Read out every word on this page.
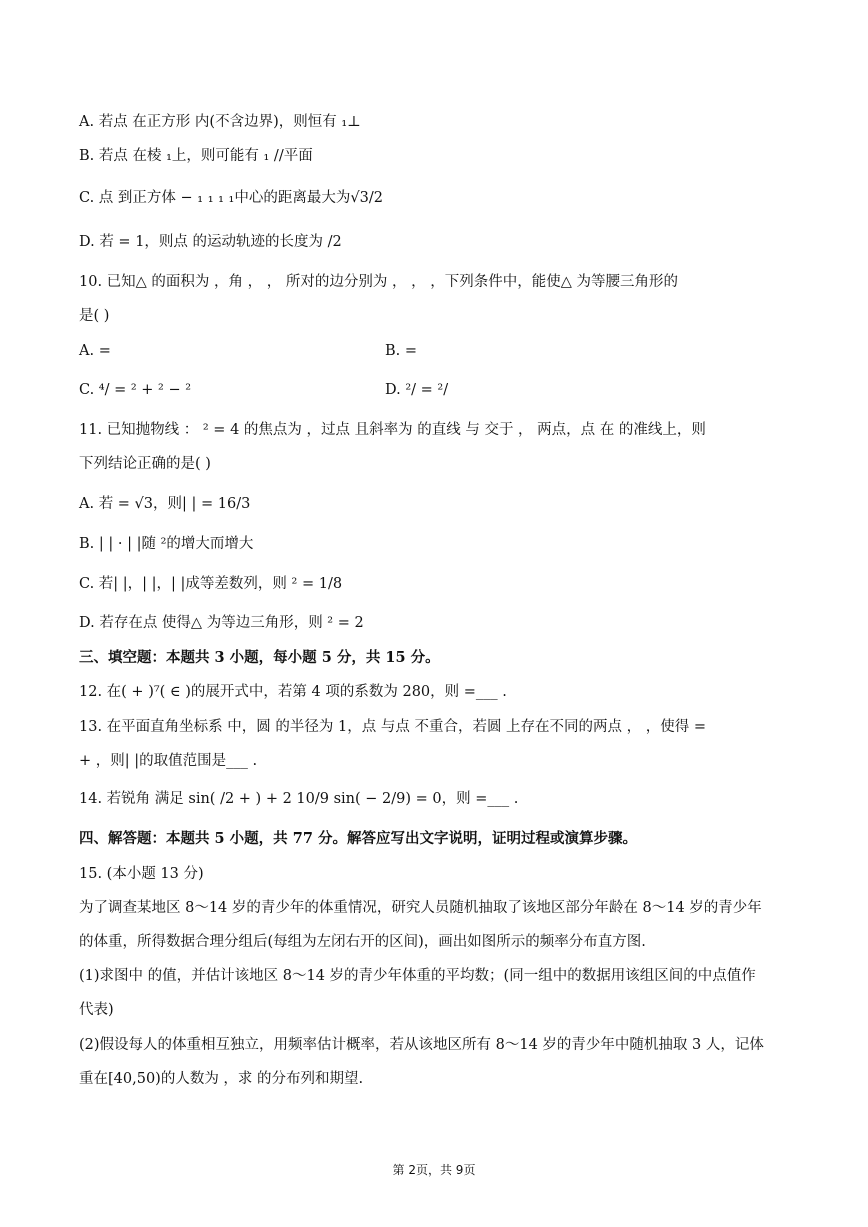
A. 若点 在正方形 内(不含边界)，则恒有 ₁⊥
B. 若点 在棱 ₁上，则可能有 ₁ //平面
C. 点 到正方体 − ₁ ₁ ₁ ₁中心的距离最大为√3/2
D. 若 = 1，则点 的运动轨迹的长度为 /2
10. 已知△ 的面积为 ，角 ， ， 所对的边分别为 ， ， ，下列条件中，能使△ 为等腰三角形的
是( )
A. =	B. =
C. ⁴/ = ² + ² − ²	D. ²/ = ²/
11. 已知抛物线 ： ² = 4 的焦点为 ，过点 且斜率为 的直线 与 交于 ， 两点，点 在 的准线上，则
下列结论正确的是( )
A. 若 = √3，则| | = 16/3
B. | | · | |随 ²的增大而增大
C. 若| |，| |，| |成等差数列，则 ² = 1/8
D. 若存在点 使得△ 为等边三角形，则 ² = 2
三、填空题：本题共 3 小题，每小题 5 分，共 15 分。
12. 在( + )⁷( ∈ )的展开式中，若第 4 项的系数为 280，则 =___ .
13. 在平面直角坐标系 中，圆 的半径为 1，点 与点 不重合，若圆 上存在不同的两点 ， ，使得 =
+ ，则| |的取值范围是___ .
14. 若锐角 满足 sin( /2 + ) + 2 10/9 sin( − 2/9) = 0，则 =___ .
四、解答题：本题共 5 小题，共 77 分。解答应写出文字说明，证明过程或演算步骤。
15. (本小题 13 分)
为了调查某地区 8～14 岁的青少年的体重情况，研究人员随机抽取了该地区部分年龄在 8～14 岁的青少年
的体重，所得数据合理分组后(每组为左闭右开的区间)，画出如图所示的频率分布直方图.
(1)求图中 的值，并估计该地区 8～14 岁的青少年体重的平均数；(同一组中的数据用该组区间的中点值作
代表)
(2)假设每人的体重相互独立，用频率估计概率，若从该地区所有 8～14 岁的青少年中随机抽取 3 人，记体
重在[40,50)的人数为 ，求 的分布列和期望.
第 2页，共 9页
